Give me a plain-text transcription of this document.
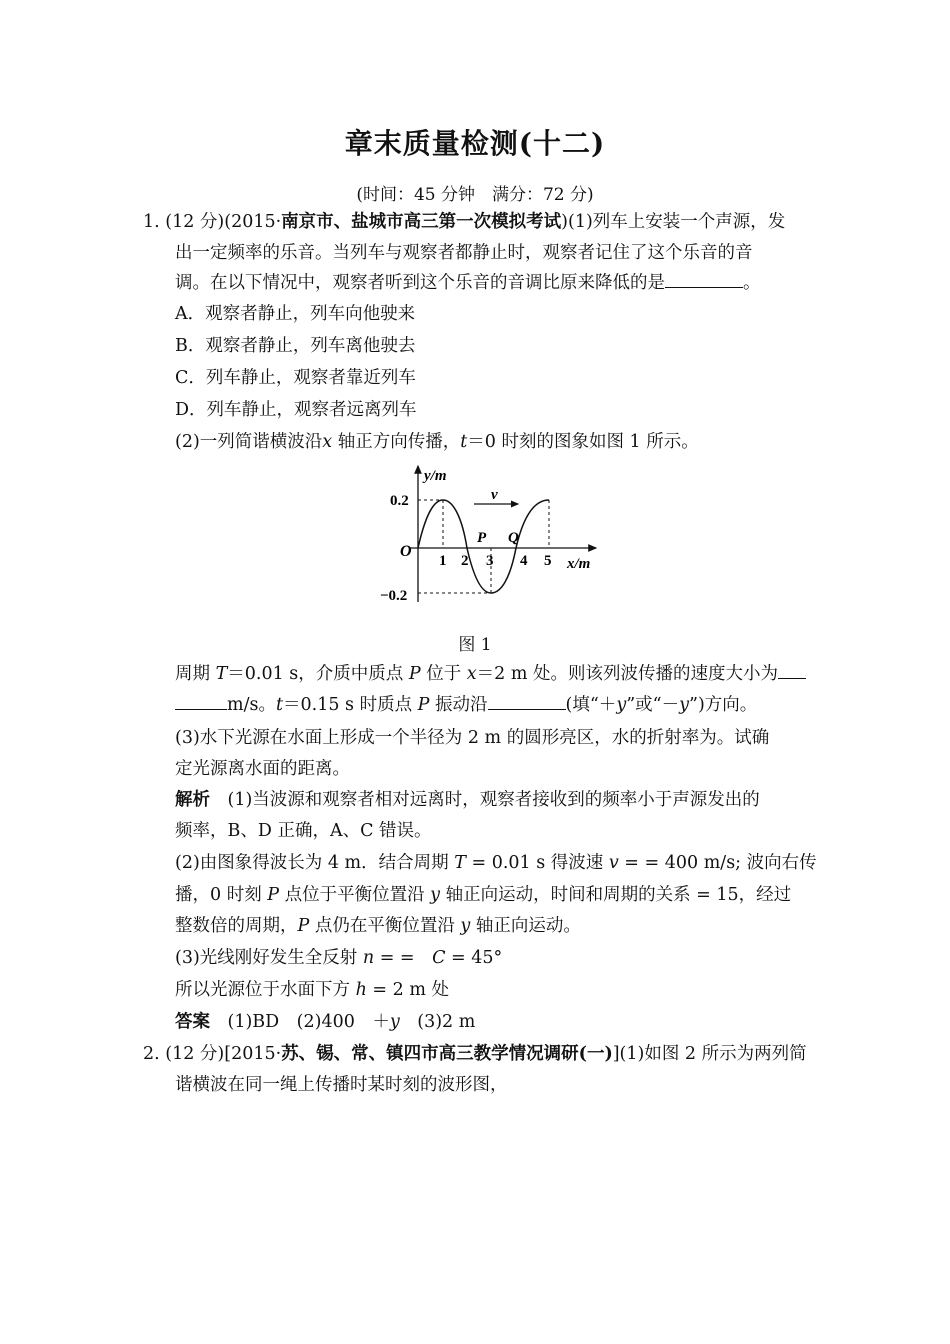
章末质量检测(十二)
(时间：45 分钟　满分：72 分)
1. (12 分)(2015·南京市、盐城市高三第一次模拟考试)(1)列车上安装一个声源，发
出一定频率的乐音。当列车与观察者都静止时，观察者记住了这个乐音的音
调。在以下情况中，观察者听到这个乐音的音调比原来降低的是	。
A．观察者静止，列车向他驶来
B．观察者静止，列车离他驶去
C．列车静止，观察者靠近列车
D．列车静止，观察者远离列车
(2)一列简谐横波沿x 轴正方向传播，t＝0 时刻的图象如图 1 所示。
y/m
x/m
O
0.2
−0.2
1 2 3 4 5
P Q
v
图 1
周期 T＝0.01 s，介质中质点 P 位于 x＝2 m 处。则该列波传播的速度大小为
m/s。t＝0.15 s 时质点 P 振动沿	(填“＋y”或“－y”)方向。
(3)水下光源在水面上形成一个半径为 2 m 的圆形亮区，水的折射率为。试确
定光源离水面的距离。
解析　(1)当波源和观察者相对远离时，观察者接收到的频率小于声源发出的
频率，B、D 正确，A、C 错误。
(2)由图象得波长为 4 m．结合周期 T = 0.01 s 得波速 v = = 400 m/s; 波向右传
播，0 时刻 P 点位于平衡位置沿 y 轴正向运动，时间和周期的关系 = 15，经过
整数倍的周期，P 点仍在平衡位置沿 y 轴正向运动。
(3)光线刚好发生全反射 n = =　C = 45°
所以光源位于水面下方 h = 2 m 处
答案　(1)BD　(2)400　＋y　(3)2 m
2. (12 分)[2015·苏、锡、常、镇四市高三教学情况调研(一)](1)如图 2 所示为两列简
谐横波在同一绳上传播时某时刻的波形图，
